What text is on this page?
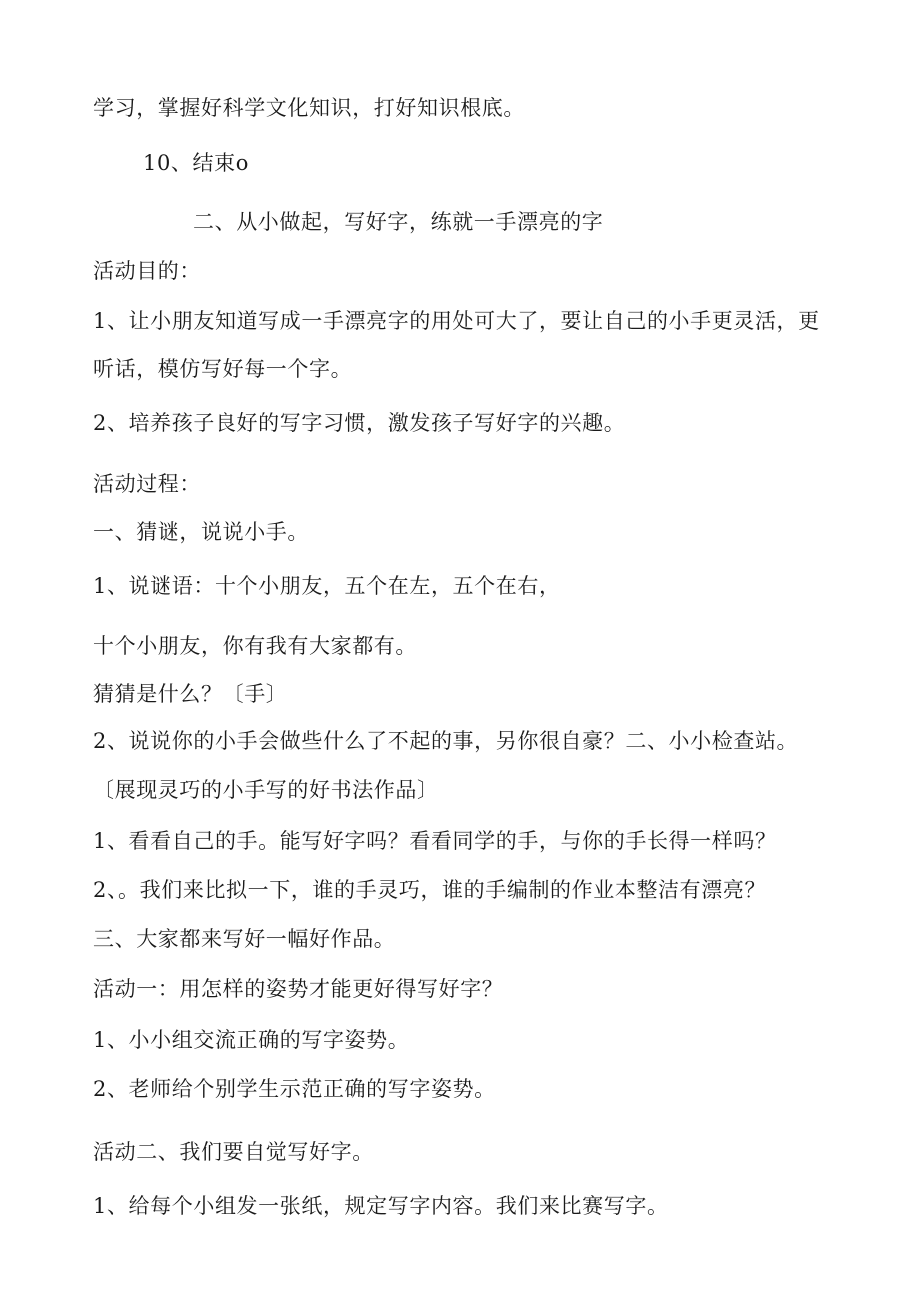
学习，掌握好科学文化知识，打好知识根底。
10、结束o
二、从小做起，写好字，练就一手漂亮的字
活动目的：
1、让小朋友知道写成一手漂亮字的用处可大了，要让自己的小手更灵活，更
听话，模仿写好每一个字。
2、培养孩子良好的写字习惯，激发孩子写好字的兴趣。
活动过程：
一、猜谜，说说小手。
1、说谜语：十个小朋友，五个在左，五个在右，
十个小朋友，你有我有大家都有。
猜猜是什么？〔手〕
2、说说你的小手会做些什么了不起的事，另你很自豪？二、小小检查站。
〔展现灵巧的小手写的好书法作品〕
1、看看自己的手。能写好字吗？看看同学的手，与你的手长得一样吗？
2、。我们来比拟一下，谁的手灵巧，谁的手编制的作业本整洁有漂亮？
三、大家都来写好一幅好作品。
活动一：用怎样的姿势才能更好得写好字？
1、小小组交流正确的写字姿势。
2、老师给个别学生示范正确的写字姿势。
活动二、我们要自觉写好字。
1、给每个小组发一张纸，规定写字内容。我们来比赛写字。
